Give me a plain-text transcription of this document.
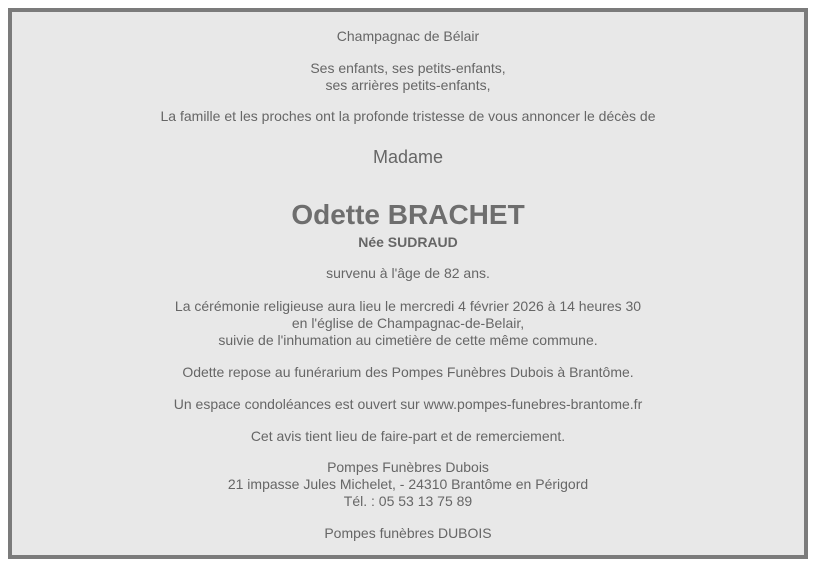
Champagnac de Bélair
Ses enfants, ses petits-enfants,
ses arrières petits-enfants,
La famille et les proches ont la profonde tristesse de vous annoncer le décès de
Madame
Odette BRACHET
Née SUDRAUD
survenu à l'âge de 82 ans.
La cérémonie religieuse aura lieu le mercredi 4 février 2026 à 14 heures 30
en l'église de Champagnac-de-Belair,
suivie de l'inhumation au cimetière de cette même commune.
Odette repose au funérarium des Pompes Funèbres Dubois à Brantôme.
Un espace condoléances est ouvert sur www.pompes-funebres-brantome.fr
Cet avis tient lieu de faire-part et de remerciement.
Pompes Funèbres Dubois
21 impasse Jules Michelet, - 24310 Brantôme en Périgord
Tél. : 05 53 13 75 89
Pompes funèbres DUBOIS
